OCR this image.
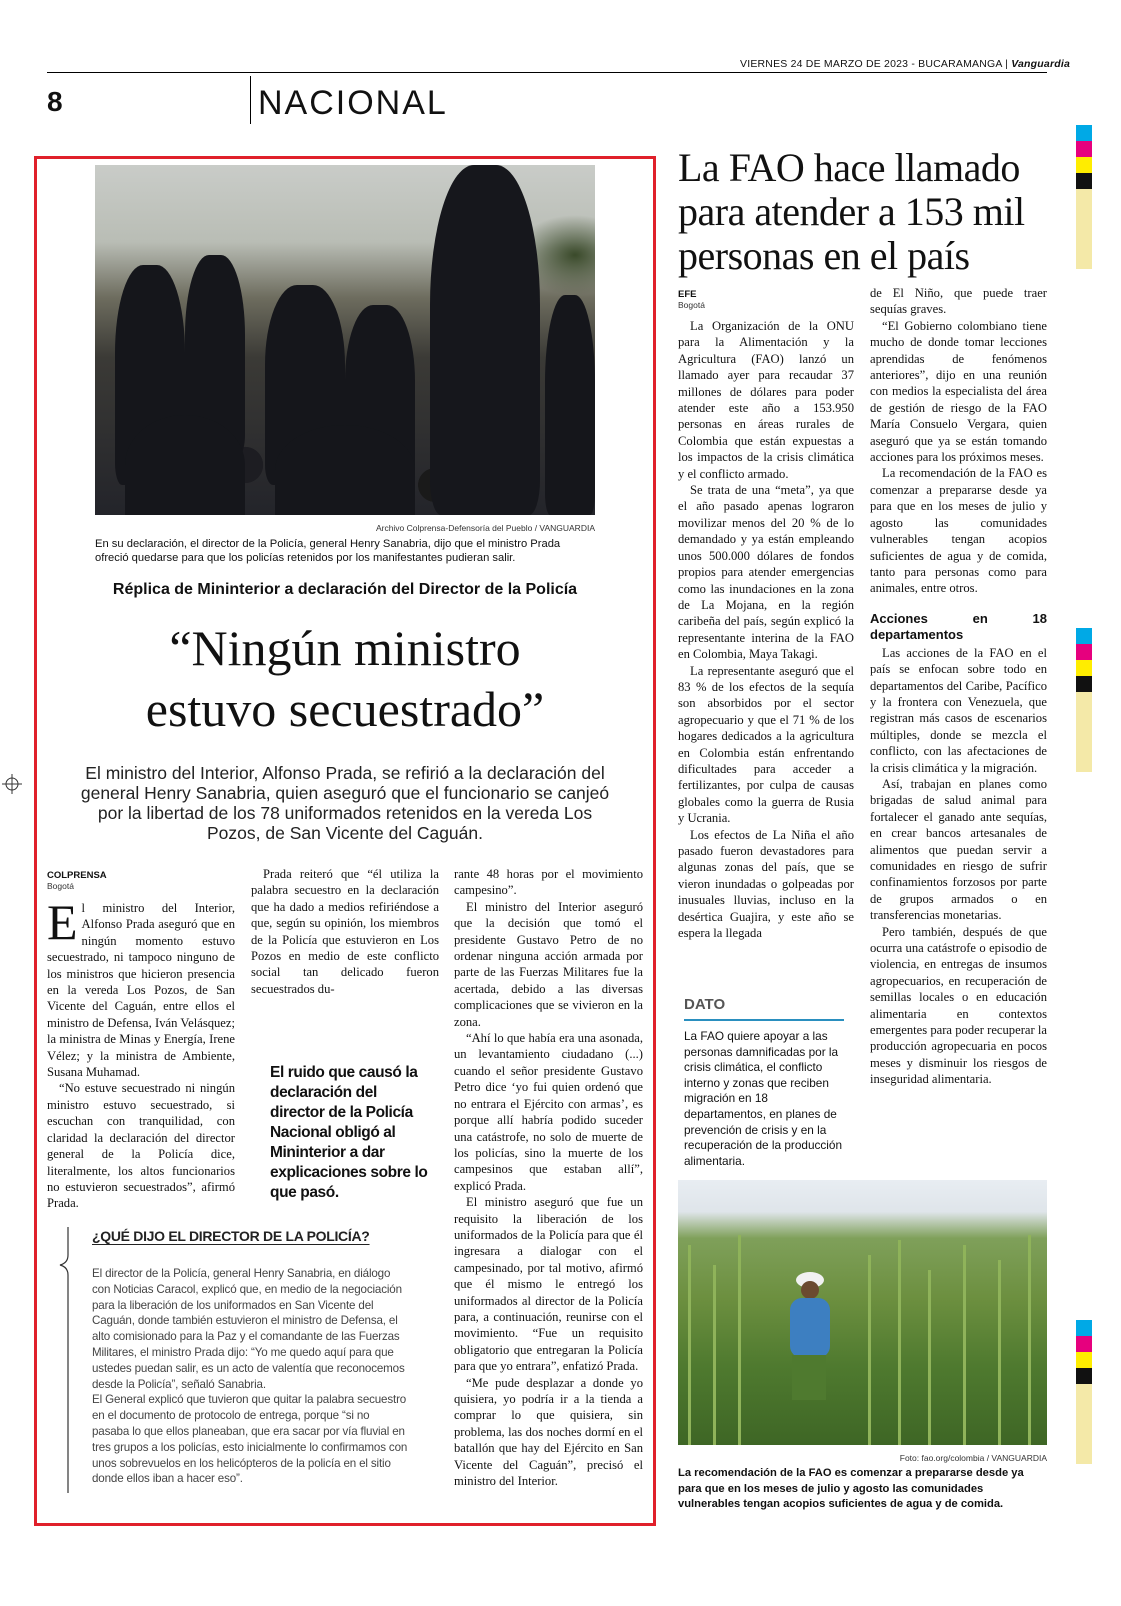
VIERNES 24 DE MARZO DE 2023 - BUCARAMANGA | Vanguardia
8	NACIONAL
Archivo Colprensa-Defensoría del Pueblo / VANGUARDIA
En su declaración, el director de la Policía, general Henry Sanabria, dijo que el ministro Prada ofreció quedarse para que los policías retenidos por los manifestantes pudieran salir.
Réplica de Mininterior a declaración del Director de la Policía
“Ningún ministro
estuvo secuestrado”
El ministro del Interior, Alfonso Prada, se refirió a la declaración del general Henry Sanabria, quien aseguró que el funcionario se canjeó por la libertad de los 78 uniformados retenidos en la vereda Los Pozos, de San Vicente del Caguán.
COLPRENSA
Bogotá

El ministro del Interior, Alfonso Prada aseguró que en ningún momento estuvo secuestrado, ni tampoco ninguno de los ministros que hicieron presencia en la vereda Los Pozos, de San Vicente del Caguán, entre ellos el ministro de Defensa, Iván Velásquez; la ministra de Minas y Energía, Irene Vélez; y la ministra de Ambiente, Susana Muhamad.

“No estuve secuestrado ni ningún ministro estuvo secuestrado, si escuchan con tranquilidad, con claridad la declaración del director general de la Policía dice, literalmente, los altos funcionarios no estuvieron secuestrados”, afirmó Prada.

Prada reiteró que “él utiliza la palabra secuestro en la declaración que ha dado a medios refiriéndose a que, según su opinión, los miembros de la Policía que estuvieron en Los Pozos en medio de este conflicto social tan delicado fueron secuestrados du-

El ruido que causó la declaración del director de la Policía Nacional obligó al Mininterior a dar explicaciones sobre lo que pasó.

rante 48 horas por el movimiento campesino”.

El ministro del Interior aseguró que la decisión que tomó el presidente Gustavo Petro de no ordenar ninguna acción armada por parte de las Fuerzas Militares fue la acertada, debido a las diversas complicaciones que se vivieron en la zona.

“Ahí lo que había era una asonada, un levantamiento ciudadano (...) cuando el señor presidente Gustavo Petro dice ‘yo fui quien ordenó que no entrara el Ejército con armas’, es porque allí habría podido suceder una catástrofe, no solo de muerte de los policías, sino la muerte de los campesinos que estaban allí”, explicó Prada.

El ministro aseguró que fue un requisito la liberación de los uniformados de la Policía para que él ingresara a dialogar con el campesinado, por tal motivo, afirmó que él mismo le entregó los uniformados al director de la Policía para, a continuación, reunirse con el movimiento. “Fue un requisito obligatorio que entregaran la Policía para que yo entrara”, enfatizó Prada.

“Me pude desplazar a donde yo quisiera, yo podría ir a la tienda a comprar lo que quisiera, sin problema, las dos noches dormí en el batallón que hay del Ejército en San Vicente del Caguán”, precisó el ministro del Interior.

¿QUÉ DIJO EL DIRECTOR DE LA POLICÍA?

El director de la Policía, general Henry Sanabria, en diálogo con Noticias Caracol, explicó que, en medio de la negociación para la liberación de los uniformados en San Vicente del Caguán, donde también estuvieron el ministro de Defensa, el alto comisionado para la Paz y el comandante de las Fuerzas Militares, el ministro Prada dijo: “Yo me quedo aquí para que ustedes puedan salir, es un acto de valentía que reconocemos desde la Policía”, señaló Sanabria.

El General explicó que tuvieron que quitar la palabra secuestro en el documento de protocolo de entrega, porque “si no pasaba lo que ellos planeaban, que era sacar por vía fluvial en tres grupos a los policías, esto inicialmente lo confirmamos con unos sobrevuelos en los helicópteros de la policía en el sitio donde ellos iban a hacer eso”.

La FAO hace llamado para atender a 153 mil personas en el país
EFE
Bogotá

La Organización de la ONU para la Alimentación y la Agricultura (FAO) lanzó un llamado ayer para recaudar 37 millones de dólares para poder atender este año a 153.950 personas en áreas rurales de Colombia que están expuestas a los impactos de la crisis climática y el conflicto armado.

Se trata de una “meta”, ya que el año pasado apenas lograron movilizar menos del 20 % de lo demandado y ya están empleando unos 500.000 dólares de fondos propios para atender emergencias como las inundaciones en la zona de La Mojana, en la región caribeña del país, según explicó la representante interina de la FAO en Colombia, Maya Takagi.

La representante aseguró que el 83 % de los efectos de la sequía son absorbidos por el sector agropecuario y que el 71 % de los hogares dedicados a la agricultura en Colombia están enfrentando dificultades para acceder a fertilizantes, por culpa de causas globales como la guerra de Rusia y Ucrania.

Los efectos de La Niña el año pasado fueron devastadores para algunas zonas del país, que se vieron inundadas o golpeadas por inusuales lluvias, incluso en la desértica Guajira, y este año se espera la llegada

de El Niño, que puede traer sequías graves.

“El Gobierno colombiano tiene mucho de donde tomar lecciones aprendidas de fenómenos anteriores”, dijo en una reunión con medios la especialista del área de gestión de riesgo de la FAO María Consuelo Vergara, quien aseguró que ya se están tomando acciones para los próximos meses.

La recomendación de la FAO es comenzar a prepararse desde ya para que en los meses de julio y agosto las comunidades vulnerables tengan acopios suficientes de agua y de comida, tanto para personas como para animales, entre otros.

Acciones en 18 departamentos

Las acciones de la FAO en el país se enfocan sobre todo en departamentos del Caribe, Pacífico y la frontera con Venezuela, que registran más casos de escenarios múltiples, donde se mezcla el conflicto, con las afectaciones de la crisis climática y la migración.

Así, trabajan en planes como brigadas de salud animal para fortalecer el ganado ante sequías, en crear bancos artesanales de alimentos que puedan servir a comunidades en riesgo de sufrir confinamientos forzosos por parte de grupos armados o en transferencias monetarias.

Pero también, después de que ocurra una catástrofe o episodio de violencia, en entregas de insumos agropecuarios, en recuperación de semillas locales o en educación alimentaria en contextos emergentes para poder recuperar la producción agropecuaria en pocos meses y disminuir los riesgos de inseguridad alimentaria.

DATO
La FAO quiere apoyar a las personas damnificadas por la crisis climática, el conflicto interno y zonas que reciben migración en 18 departamentos, en planes de prevención de crisis y en la recuperación de la producción alimentaria.
Foto: fao.org/colombia / VANGUARDIA
La recomendación de la FAO es comenzar a prepararse desde ya para que en los meses de julio y agosto las comunidades vulnerables tengan acopios suficientes de agua y de comida.
